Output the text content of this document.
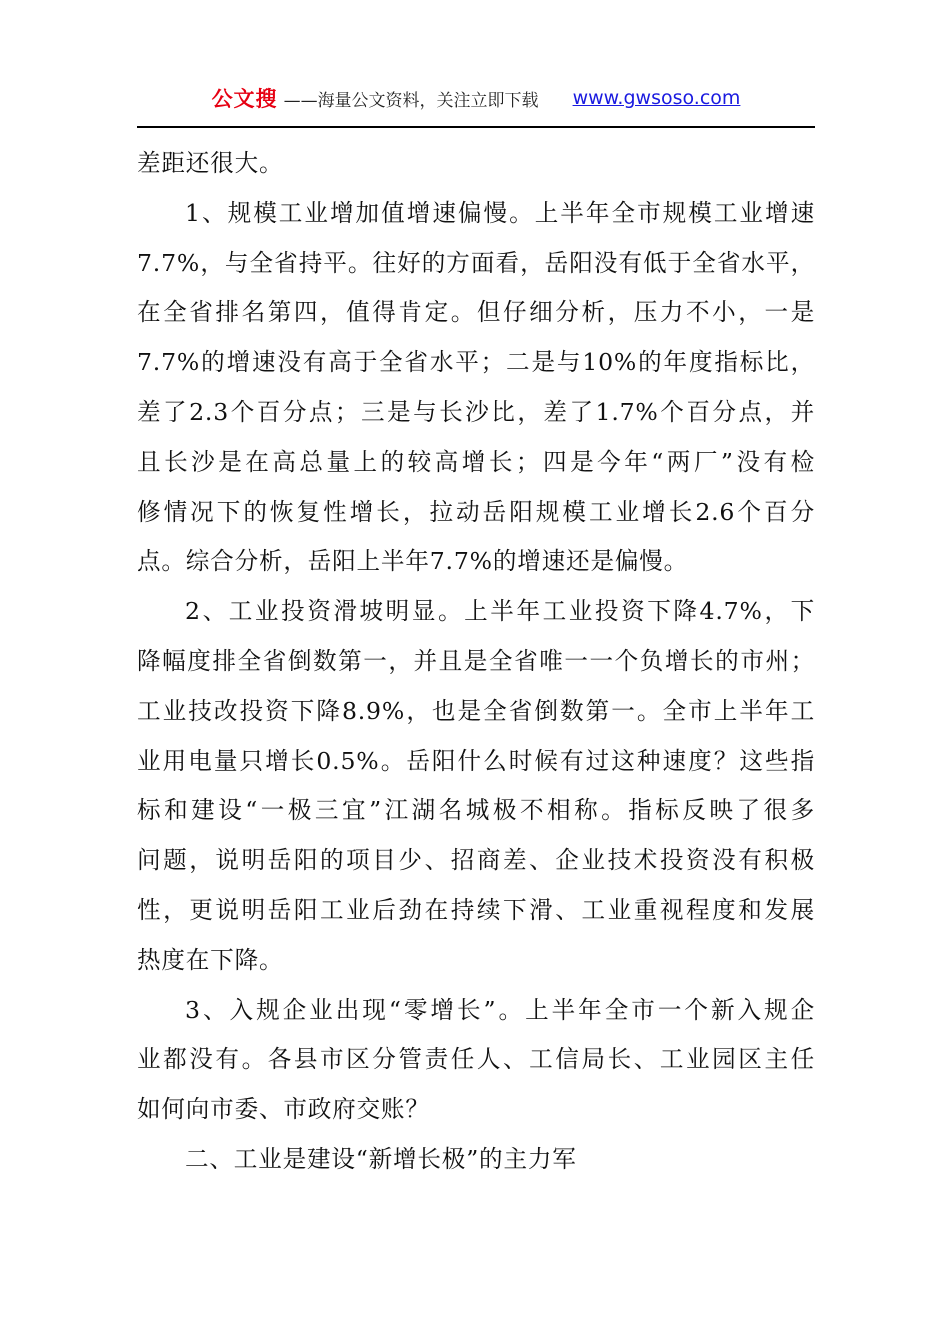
公文搜 ——海量公文资料，关注立即下载 www.gwsoso.com
差距还很大。
1、规模工业增加值增速偏慢。上半年全市规模工业增速
7.7%，与全省持平。往好的方面看，岳阳没有低于全省水平，
在全省排名第四，值得肯定。但仔细分析，压力不小，一是
7.7%的增速没有高于全省水平；二是与10%的年度指标比，
差了2.3个百分点；三是与长沙比，差了1.7%个百分点，并
且长沙是在高总量上的较高增长；四是今年“两厂”没有检
修情况下的恢复性增长，拉动岳阳规模工业增长2.6个百分
点。综合分析，岳阳上半年7.7%的增速还是偏慢。
2、工业投资滑坡明显。上半年工业投资下降4.7%，下
降幅度排全省倒数第一，并且是全省唯一一个负增长的市州；
工业技改投资下降8.9%，也是全省倒数第一。全市上半年工
业用电量只增长0.5%。岳阳什么时候有过这种速度？这些指
标和建设“一极三宜”江湖名城极不相称。指标反映了很多
问题，说明岳阳的项目少、招商差、企业技术投资没有积极
性，更说明岳阳工业后劲在持续下滑、工业重视程度和发展
热度在下降。
3、入规企业出现“零增长”。上半年全市一个新入规企
业都没有。各县市区分管责任人、工信局长、工业园区主任
如何向市委、市政府交账？
二、工业是建设“新增长极”的主力军
